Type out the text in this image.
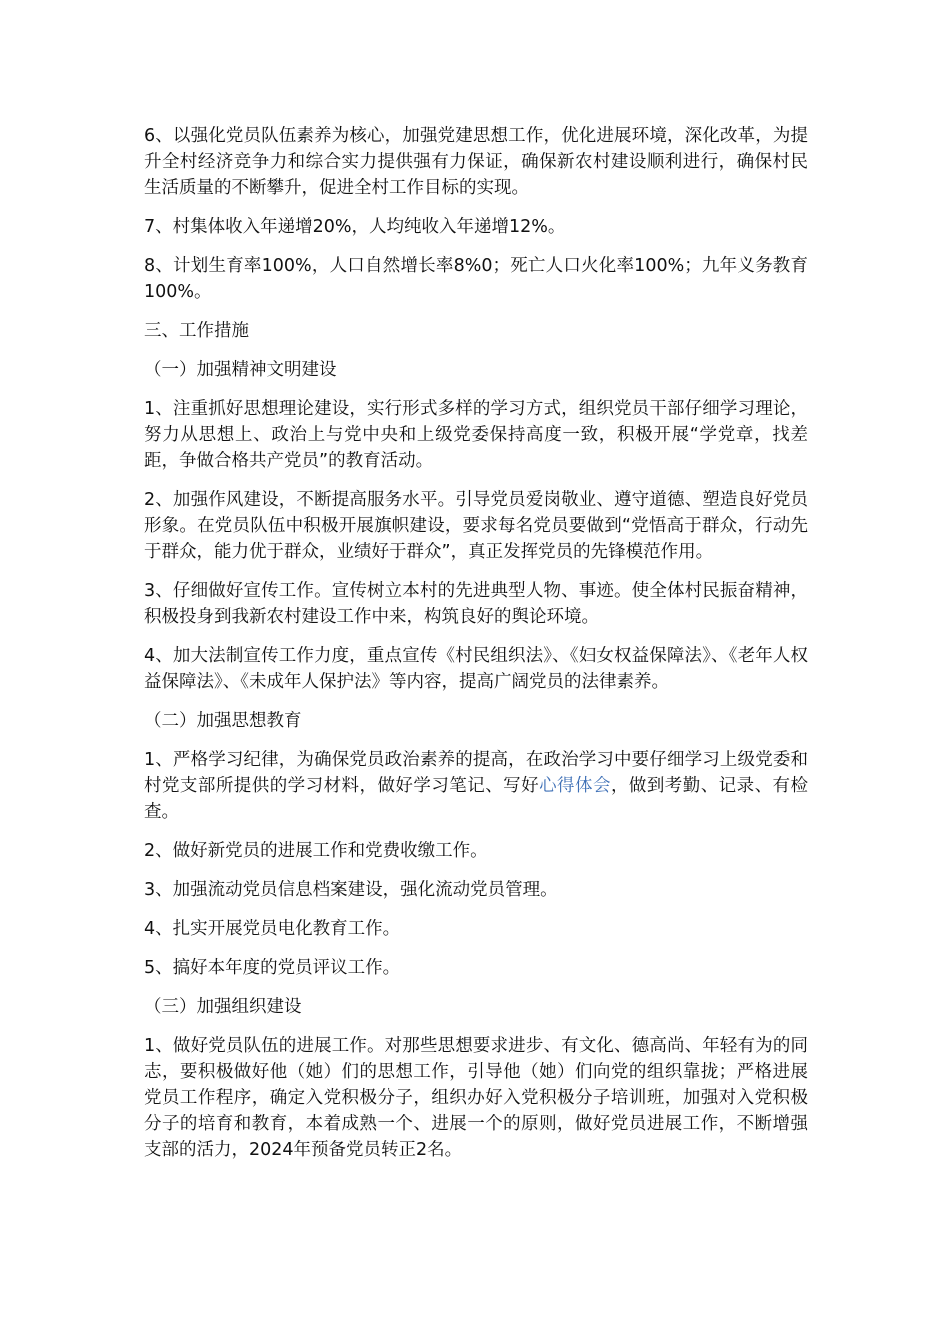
6、以强化党员队伍素养为核心，加强党建思想工作，优化进展环境，深化改革，为提升全村经济竞争力和综合实力提供强有力保证，确保新农村建设顺利进行，确保村民生活质量的不断攀升，促进全村工作目标的实现。

7、村集体收入年递增20%，人均纯收入年递增12%。

8、计划生育率100%，人口自然增长率8%0；死亡人口火化率100%；九年义务教育100%。

三、工作措施

（一）加强精神文明建设

1、注重抓好思想理论建设，实行形式多样的学习方式，组织党员干部仔细学习理论，努力从思想上、政治上与党中央和上级党委保持高度一致，积极开展“学党章，找差距，争做合格共产党员”的教育活动。

2、加强作风建设，不断提高服务水平。引导党员爱岗敬业、遵守道德、塑造良好党员形象。在党员队伍中积极开展旗帜建设，要求每名党员要做到“党悟高于群众，行动先于群众，能力优于群众，业绩好于群众”，真正发挥党员的先锋模范作用。

3、仔细做好宣传工作。宣传树立本村的先进典型人物、事迹。使全体村民振奋精神，积极投身到我新农村建设工作中来，构筑良好的舆论环境。

4、加大法制宣传工作力度，重点宣传《村民组织法》、《妇女权益保障法》、《老年人权益保障法》、《未成年人保护法》等内容，提高广阔党员的法律素养。

（二）加强思想教育

1、严格学习纪律，为确保党员政治素养的提高，在政治学习中要仔细学习上级党委和村党支部所提供的学习材料，做好学习笔记、写好心得体会，做到考勤、记录、有检查。

2、做好新党员的进展工作和党费收缴工作。

3、加强流动党员信息档案建设，强化流动党员管理。

4、扎实开展党员电化教育工作。

5、搞好本年度的党员评议工作。

（三）加强组织建设

1、做好党员队伍的进展工作。对那些思想要求进步、有文化、德高尚、年轻有为的同志，要积极做好他（她）们的思想工作，引导他（她）们向党的组织靠拢；严格进展党员工作程序，确定入党积极分子，组织办好入党积极分子培训班，加强对入党积极分子的培育和教育，本着成熟一个、进展一个的原则，做好党员进展工作，不断增强支部的活力，2024年预备党员转正2名。
